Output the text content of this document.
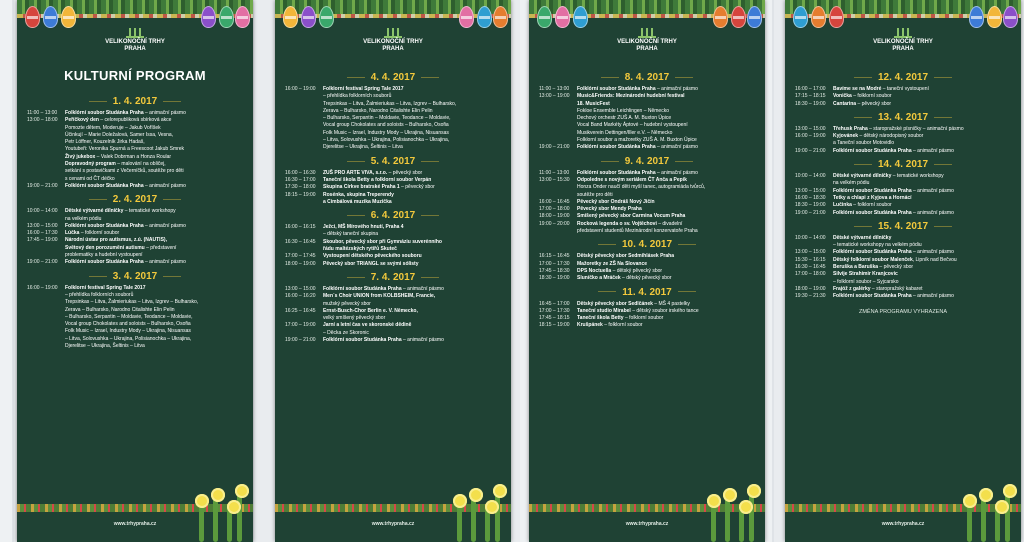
VELIKONOČNÍ TRHY PRAHA
KULTURNÍ PROGRAM
1. 4. 2017
11:00 – 13:00	Folklórní soubor Studánka Praha – animační pásmo
13:00 – 18:00	Peříčkový den – celorepubliková sbírková akce
Pomozte dětem, Moderuje – Jakub Voříšek
Účinkují – Marie Doležalová, Samer Issa, Vesna,
Petr Löffner, Kouzelník Jirka Hadaš,
Youtubeři: Veronika Spurná a Freescoot Jakub Smrek
Živý jukebox – Valek Dobrman a Honza Roular
Dopravodný program – malování na obličej,
setkání s postavičkami z Večerníčků, soutěže pro děti
s cenami od ČT déčko
19:00 – 21:00	Folklórní soubor Studánka Praha – animační pásmo
2. 4. 2017
10:00 – 14:00	Dětské výtvarné dílničky – tematické workshopy
na velkém pódiu
13:00 – 15:00	Folklórní soubor Studánka Praha – animační pásmo
16:00 – 17:30	Lúčka – folklorní soubor
17:45 – 19:00	Národní ústav pro autismus, z.ú. (NAUTIS),
Světový den porozumění autismu – představení
problematiky a hudební vystoupení
19:00 – 21:00	Folklórní soubor Studánka Praha – animační pásmo
3. 4. 2017
16:00 – 19:00	Folklorní festival Spring Tale 2017
– přehlídka folklorních souborů
Trepsinkas – Litva, Žalmieriukas – Litva, Izgrev – Bulharsko,
Zerava – Bulharsko, Narodno Citalishte Elin Pelin
– Bulharsko, Serpantin – Moldavie, Teodance – Moldavie,
Vocal group Chokolates and soloists – Bulharsko, Osofia
Folk Music – Izrael, Industry Mody – Ukrajina, Nisuansas
– Litva, Solovushka – Ukrajina, Polisianochka – Ukrajina,
Djerelitse – Ukrajina, Šeltinis – Litva
www.trhypraha.cz
VELIKONOČNÍ TRHY PRAHA
4. 4. 2017
16:00 – 19:00	Folklorní festival Spring Tale 2017
– přehlídka folklorních souborů
Trepsinkas – Litva, Žalmieriukas – Litva, Izgrev – Bulharsko,
Zerava – Bulharsko, Narodno Citalishte Elin Pelin
– Bulharsko, Serpantin – Moldavie, Teodance – Moldavie,
Vocal group Chokolates and soloists – Bulharsko, Osofia
Folk Music – Izrael, Industry Mody – Ukrajina, Nisuansas
– Litva, Solovushka – Ukrajina, Polisianochka – Ukrajina,
Djerelitse – Ukrajina, Šeltinis – Litva
5. 4. 2017
16:00 – 16:30	ZUŠ PRO ARTE VIVA, s.r.o. – pěvecký sbor
16:30 – 17:00	Taneční škola Betty a folklorní soubor Verpán
17:30 – 18:00	Skupina Církve bratrské Praha 1 – pěvecký sbor
18:15 – 19:00	Rosénka, skupina Treperendy
a Cimbálová muzika Muzička
6. 4. 2017
16:00 – 16:15	Ježci, MŠ Mírového hnutí, Praha 4
– dětský taneční skupina
16:30 – 16:45	Skoubor, pěvecký sbor při Gymnáziu suverénního
řádu maltézských rytířů Skuteč
17:00 – 17:45	Vystoupení dětského pěveckého souboru
18:00 – 19:00	Pěvecký sbor TRIANGL se svými sólisty
7. 4. 2017
13:00 – 15:00	Folklórní soubor Studánka Praha – animační pásmo
16:00 – 16:20	Men´s Choir UNION from KOLBSHEIM, Francie,
mužský pěvecký sbor
16:25 – 16:45	Ernst-Busch-Chor Berlin e. V. Německo,
velký smíšený pěvecký sbor
17:00 – 19:00	Jarní a letní čas ve skoronské dědině
– Děcka ze Skoronic
19:00 – 21:00	Folklórní soubor Studánka Praha – animační pásmo
www.trhypraha.cz
VELIKONOČNÍ TRHY PRAHA
8. 4. 2017
11:00 – 13:00	Folklórní soubor Studánka Praha – animační pásmo
13:00 – 19:00	Music&Friends: Mezinárodní hudební festival
18. MusicFest
Fokloe Ensemble Leichlingen – Německo
Dechový orchestr ZUŠ A. M. Buxton Úpice
Vocal Band Markéty Áptové – hudební vystoupení
Musikverein Dettingen/Iller e.V. – Německo
Folklorní soubor a mažoretky ZUŠ A. M. Buxton Úpice
19:00 – 21:00	Folklórní soubor Studánka Praha – animační pásmo
9. 4. 2017
11:00 – 13:00	Folklórní soubor Studánka Praha – animační pásmo
13:00 – 15:30	Odpoledne s novým seriálem ČT Anča a Pepík
Honza Onder naučí děti myší tanec, autogramiáda tvůrců,
soutěže pro děti
16:00 – 16:45	Pěvecký sbor Ondráš Nový Jičín
17:00 – 18:00	Pěvecký sbor Mendy Praha
18:00 – 19:00	Smíšený pěvecký sbor Carmina Vocum Praha
19:00 – 20:00	Rocková legenda o sv. Vojtěchovi – divadelní
představení studentů Mezinárodní konzervatoře Praha
10. 4. 2017
16:15 – 16:45	Dětský pěvecký sbor Sedmihlásek Praha
17:00 – 17:30	Mažoretky ze ZŠ Na Slovance
17:45 – 18:30	DPS Noctuella – dětský pěvecký sbor
18:30 – 19:00	Sluníčko a Mráček – dětský pěvecký sbor
11. 4. 2017
16:45 – 17:00	Dětský pěvecký sbor Sedlčánek – MŠ 4 pastelky
17:00 – 17:30	Taneční studio Mirabel – dětský soubor irského tance
17:45 – 18:15	Taneční škola Betty – folklorní soubor
18:15 – 19:00	Krušpánek – folklorní soubor
www.trhypraha.cz
VELIKONOČNÍ TRHY PRAHA
12. 4. 2017
16:00 – 17:00	Bavíme se na Modré – taneční vystoupení
17:15 – 18:15	Vonička – folklorní soubor
18:30 – 19:00	Cantarina – pěvecký sbor
13. 4. 2017
13:00 – 15:00	Třehusk Praha – staropražské písničky – animační pásmo
16:00 – 19:00	Kyjovánek – dětský národopisný soubor
a Taneční soubor Motovidlo
19:00 – 21:00	Folklórní soubor Studánka Praha – animační pásmo
14. 4. 2017
10:00 – 14:00	Dětské výtvarné dílničky – tematické workshopy
na velkém pódiu
13:00 – 15:00	Folklórní soubor Studánka Praha – animační pásmo
16:00 – 18:30	Tetky a chlapi z Kyjova a Hornácí
18:30 – 19:00	Lučinka – folklorní soubor
19:00 – 21:00	Folklórní soubor Studánka Praha – animační pásmo
15. 4. 2017
10:00 – 14:00	Dětské výtvarné dílničky
– tematické workshopy na velkém pódiu
13:00 – 15:00	Folklórní soubor Studánka Praha – animační pásmo
15:30 – 16:15	Dětský folklorní soubor Malenček, Lipník nad Bečvou
16:30 – 16:45	Beruška a Baruška – pěvecký sbor
17:00 – 18:00	Silvije Strahimir Kranjcovic
– folklorní soubor – Syjcarsko
18:00 – 19:00	Frajóž z galérky – staropražský kabaret
19:30 – 21:30	Folklórní soubor Studánka Praha – animační pásmo
ZMĚNA PROGRAMU VYHRAZENA
www.trhypraha.cz
